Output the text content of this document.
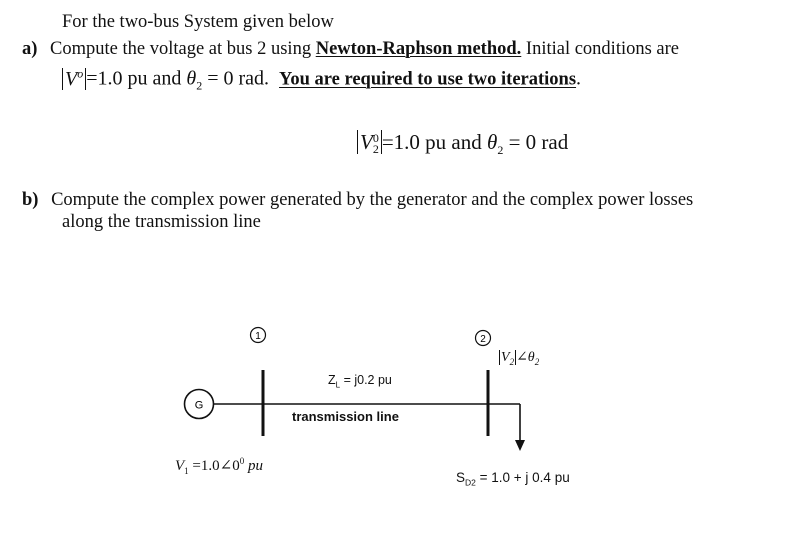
For the two-bus System given below
a) Compute the voltage at bus 2 using Newton-Raphson method. Initial conditions are
$V^o =1.0$ pu and $\theta_2 = 0$ rad.  You are required to use two iterations.
V 0
2 =1.0 pu and $\theta_2 = 0$ rad
b) Compute the complex power generated by the generator and the complex power losses
along the transmission line
G
1	2
$V_2$ $\angle\theta_2$
$Z_L = j0.2$ pu
transmission line
$V_1$ $=1.0\angle 0^0$ pu
$S_{D2} = 1.0 + j$ 0.4 pu
